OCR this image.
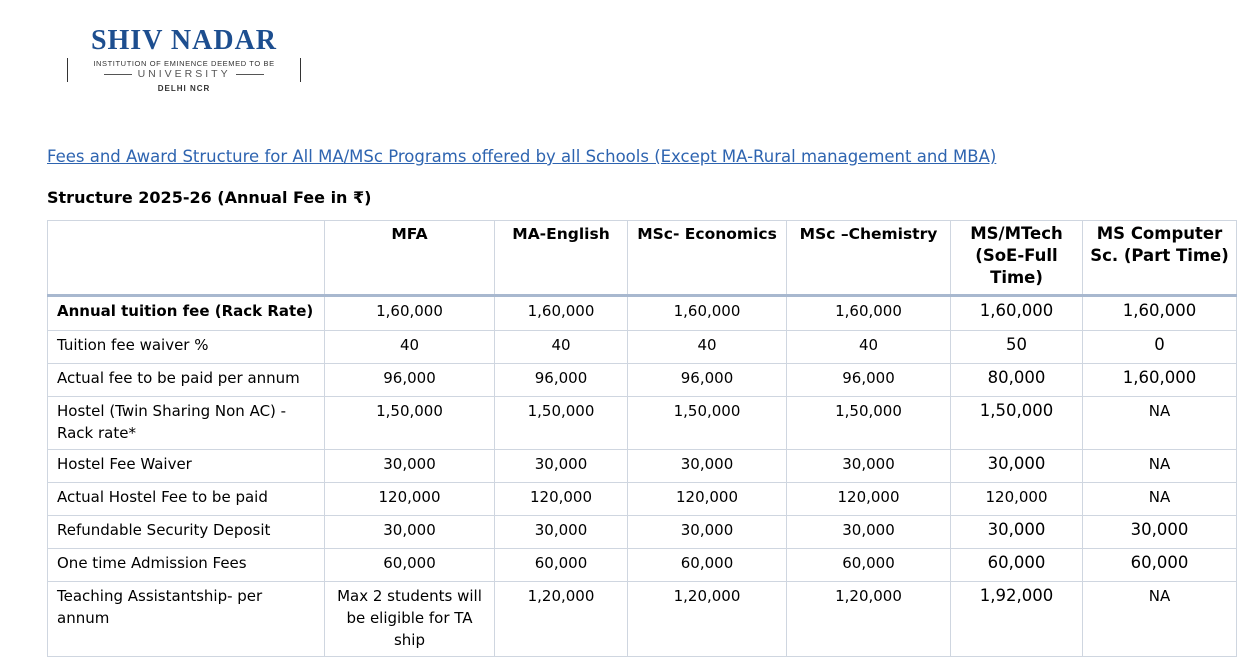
SHIV NADAR
INSTITUTION OF EMINENCE DEEMED TO BE
UNIVERSITY
DELHI NCR
Fees and Award Structure for All MA/MSc Programs offered by all Schools (Except MA-Rural management and MBA)
Structure 2025-26 (Annual Fee in ₹)
	MFA	MA-English	MSc- Economics	MSc –Chemistry	MS/MTech (SoE-Full Time)	MS Computer Sc. (Part Time)
Annual tuition fee (Rack Rate)	1,60,000	1,60,000	1,60,000	1,60,000	1,60,000	1,60,000
Tuition fee waiver %	40	40	40	40	50	0
Actual fee to be paid per annum	96,000	96,000	96,000	96,000	80,000	1,60,000
Hostel (Twin Sharing Non AC) - Rack rate*	1,50,000	1,50,000	1,50,000	1,50,000	1,50,000	NA
Hostel Fee Waiver	30,000	30,000	30,000	30,000	30,000	NA
Actual Hostel Fee to be paid	120,000	120,000	120,000	120,000	120,000	NA
Refundable Security Deposit	30,000	30,000	30,000	30,000	30,000	30,000
One time Admission Fees	60,000	60,000	60,000	60,000	60,000	60,000
Teaching Assistantship- per annum	Max 2 students will be eligible for TA ship	1,20,000	1,20,000	1,20,000	1,92,000	NA
